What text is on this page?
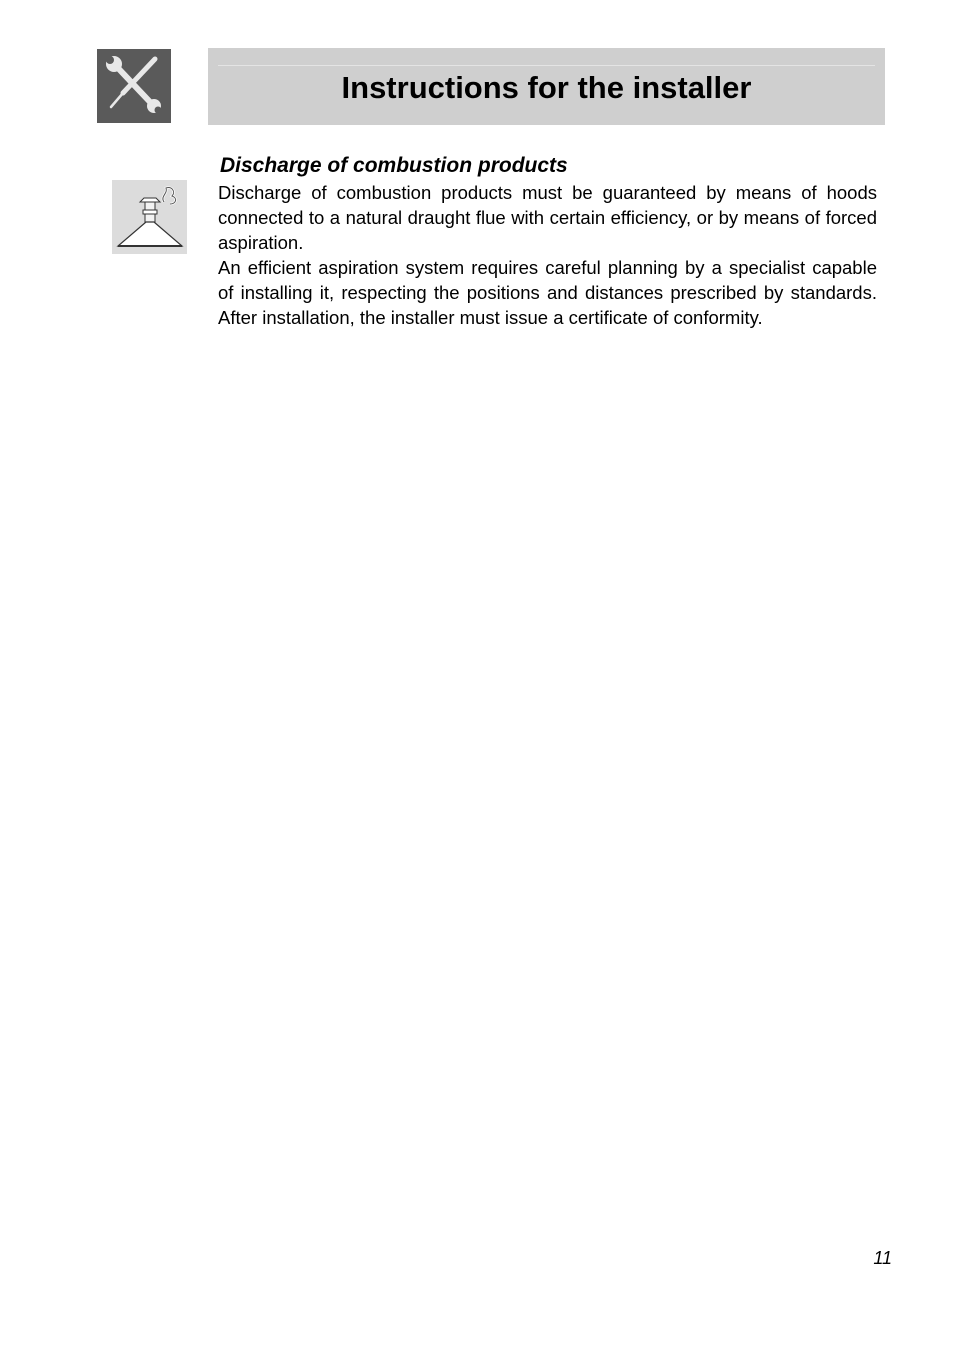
Instructions for the installer
Discharge of combustion products

Discharge of combustion products must be guaranteed by means of hoods connected to a natural draught flue with certain efficiency, or by means of forced aspiration.

An efficient aspiration system requires careful planning by a specialist capable of installing it, respecting the positions and distances prescribed by standards. After installation, the installer must issue a certificate of conformity.

11
